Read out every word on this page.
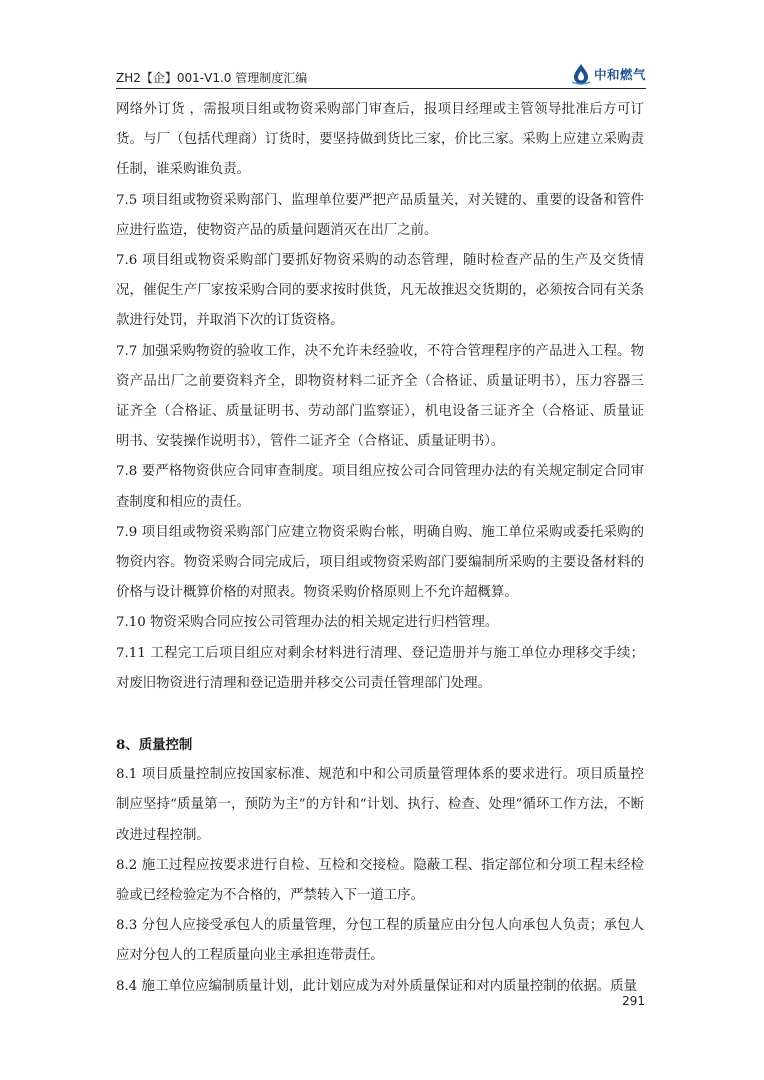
ZH2【企】001-V1.0 管理制度汇编	中和燃气

网络外订货 ，需报项目组或物资采购部门审查后，报项目经理或主管领导批准后方可订货。与厂（包括代理商）订货时，要坚持做到货比三家，价比三家。采购上应建立采购责任制，谁采购谁负责。

7.5 项目组或物资采购部门、监理单位要严把产品质量关，对关键的、重要的设备和管件应进行监造，使物资产品的质量问题消灭在出厂之前。

7.6 项目组或物资采购部门要抓好物资采购的动态管理，随时检查产品的生产及交货情况，催促生产厂家按采购合同的要求按时供货，凡无故推迟交货期的，必须按合同有关条款进行处罚，并取消下次的订货资格。

7.7 加强采购物资的验收工作，决不允许未经验收，不符合管理程序的产品进入工程。物资产品出厂之前要资料齐全，即物资材料二证齐全（合格证、质量证明书），压力容器三证齐全（合格证、质量证明书、劳动部门监察证），机电设备三证齐全（合格证、质量证明书、安装操作说明书），管件二证齐全（合格证、质量证明书）。

7.8 要严格物资供应合同审查制度。项目组应按公司合同管理办法的有关规定制定合同审查制度和相应的责任。

7.9 项目组或物资采购部门应建立物资采购台帐，明确自购、施工单位采购或委托采购的物资内容。物资采购合同完成后，项目组或物资采购部门要编制所采购的主要设备材料的价格与设计概算价格的对照表。物资采购价格原则上不允许超概算。

7.10 物资采购合同应按公司管理办法的相关规定进行归档管理。

7.11 工程完工后项目组应对剩余材料进行清理、登记造册并与施工单位办理移交手续；对废旧物资进行清理和登记造册并移交公司责任管理部门处理。

8、质量控制

8.1 项目质量控制应按国家标准、规范和中和公司质量管理体系的要求进行。项目质量控制应坚持“质量第一，预防为主”的方针和“计划、执行、检查、处理”循环工作方法，不断改进过程控制。

8.2 施工过程应按要求进行自检、互检和交接检。隐蔽工程、指定部位和分项工程未经检验或已经检验定为不合格的，严禁转入下一道工序。

8.3 分包人应接受承包人的质量管理，分包工程的质量应由分包人向承包人负责；承包人应对分包人的工程质量向业主承担连带责任。

8.4 施工单位应编制质量计划，此计划应成为对外质量保证和对内质量控制的依据。质量

291
